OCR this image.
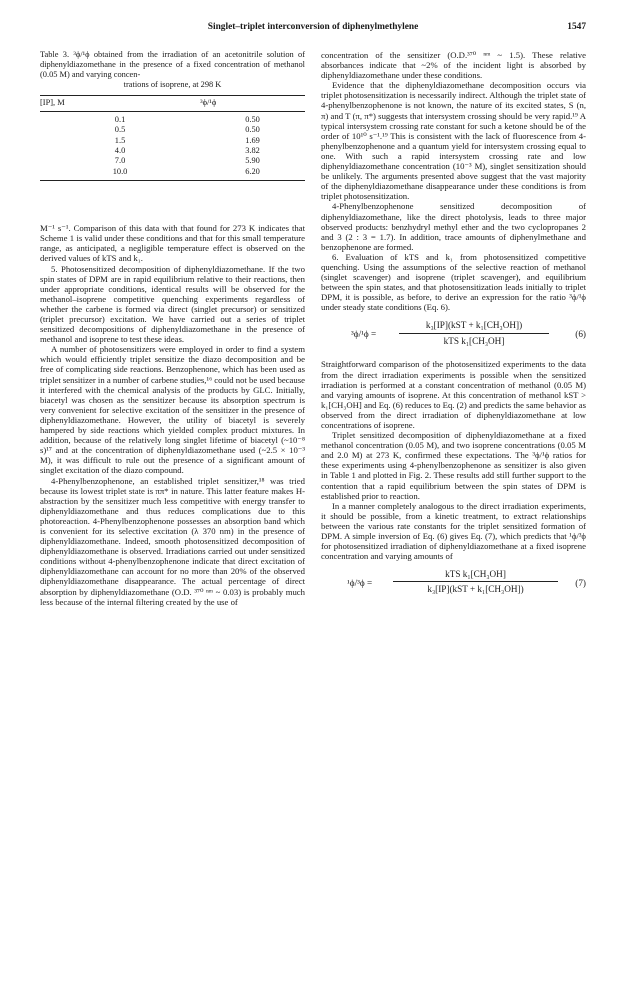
Singlet–triplet interconversion of diphenylmethylene	1547
Table 3. ³ϕ/¹ϕ obtained from the irradiation of an acetonitrile solution of diphenyldiazomethane in the presence of a fixed concentration of methanol (0.05 M) and varying concen-
trations of isoprene, at 298 K
[IP], M	³ϕ/¹ϕ
0.1	0.50
0.5	0.50
1.5	1.69
4.0	3.82
7.0	5.90
10.0	6.20

M⁻¹ s⁻¹. Comparison of this data with that found for 273 K indicates that Scheme 1 is valid under these conditions and that for this small temperature range, as anticipated, a negligible temperature effect is observed on the derived values of kTS and k₁.

5. Photosensitized decomposition of diphenyldiazomethane. If the two spin states of DPM are in rapid equilibrium relative to their reactions, then under appropriate conditions, identical results will be observed for the methanol–isoprene competitive quenching experiments regardless of whether the carbene is formed via direct (singlet precursor) or sensitized (triplet precursor) excitation. We have carried out a series of triplet sensitized decompositions of diphenyldiazomethane in the presence of methanol and isoprene to test these ideas.

A number of photosensitizers were employed in order to find a system which would efficiently triplet sensitize the diazo decomposition and be free of complicating side reactions. Benzophenone, which has been used as triplet sensitizer in a number of carbene studies,¹⁶ could not be used because it interfered with the chemical analysis of the products by GLC. Initially, biacetyl was chosen as the sensitizer because its absorption spectrum is very convenient for selective excitation of the sensitizer in the presence of diphenyldiazomethane. However, the utility of biacetyl is severely hampered by side reactions which yielded complex product mixtures. In addition, because of the relatively long singlet lifetime of biacetyl (~10⁻⁸ s)¹⁷ and at the concentration of diphenyldiazomethane used (~2.5 × 10⁻³ M), it was difficult to rule out the presence of a significant amount of singlet excitation of the diazo compound.

4-Phenylbenzophenone, an established triplet sensitizer,¹⁸ was tried because its lowest triplet state is ππ* in nature. This latter feature makes H-abstraction by the sensitizer much less competitive with energy transfer to diphenyldiazomethane and thus reduces complications due to this photoreaction. 4-Phenylbenzophenone possesses an absorption band which is convenient for its selective excitation (λ 370 nm) in the presence of diphenyldiazomethane. Indeed, smooth photosensitized decomposition of diphenyldiazomethane is observed. Irradiations carried out under sensitized conditions without 4-phenylbenzophenone indicate that direct excitation of diphenyldiazomethane can account for no more than 20% of the observed diphenyldiazomethane disappearance. The actual percentage of direct absorption by diphenyldiazomethane (O.D. ³⁷⁰ ⁿᵐ ~ 0.03) is probably much less because of the internal filtering created by the use of

concentration of the sensitizer (O.D.³⁷⁰ ⁿᵐ ~ 1.5). These relative absorbances indicate that ~2% of the incident light is absorbed by diphenyldiazomethane under these conditions.

Evidence that the diphenyldiazomethane decomposition occurs via triplet photosensitization is necessarily indirect. Although the triplet state of 4-phenylbenzophenone is not known, the nature of its excited states, S (n, π) and T (π, π*) suggests that intersystem crossing should be very rapid.¹⁹ A typical intersystem crossing rate constant for such a ketone should be of the order of 10¹⁰ s⁻¹.¹⁹ This is consistent with the lack of fluorescence from 4-phenylbenzophenone and a quantum yield for intersystem crossing equal to one. With such a rapid intersystem crossing rate and low diphenyldiazomethane concentration (10⁻³ M), singlet sensitization should be unlikely. The arguments presented above suggest that the vast majority of the diphenyldiazomethane disappearance under these conditions is from triplet photosensitization.

4-Phenylbenzophenone sensitized decomposition of diphenyldiazomethane, like the direct photolysis, leads to three major observed products: benzhydryl methyl ether and the two cyclopropanes 2 and 3 (2 : 3 = 1.7). In addition, trace amounts of diphenylmethane and benzophenone are formed.

6. Evaluation of kTS and k₁ from photosensitized competitive quenching. Using the assumptions of the selective reaction of methanol (singlet scavenger) and isoprene (triplet scavenger), and equilibrium between the spin states, and that photosensitization leads initially to triplet DPM, it is possible, as before, to derive an expression for the ratio ³ϕ/¹ϕ under steady state conditions (Eq. 6).

³ϕ/¹ϕ =
k₃[IP](kST + k₁[CH₃OH])
kTS k₁[CH₃OH]
(6)

Straightforward comparison of the photosensitized experiments to the data from the direct irradiation experiments is possible when the sensitized irradiation is performed at a constant concentration of methanol (0.05 M) and varying amounts of isoprene. At this concentration of methanol kST > k₁[CH₃OH] and Eq. (6) reduces to Eq. (2) and predicts the same behavior as observed from the direct irradiation of diphenyldiazomethane at low concentrations of isoprene.

Triplet sensitized decomposition of diphenyldiazomethane at a fixed methanol concentration (0.05 M), and two isoprene concentrations (0.05 M and 2.0 M) at 273 K, confirmed these expectations. The ³ϕ/¹ϕ ratios for these experiments using 4-phenylbenzophenone as sensitizer is also given in Table 1 and plotted in Fig. 2. These results add still further support to the contention that a rapid equilibrium between the spin states of DPM is established prior to reaction.

In a manner completely analogous to the direct irradiation experiments, it should be possible, from a kinetic treatment, to extract relationships between the various rate constants for the triplet sensitized formation of DPM. A simple inversion of Eq. (6) gives Eq. (7), which predicts that ¹ϕ/³ϕ for photosensitized irradiation of diphenyldiazomethane at a fixed isoprene concentration and varying amounts of

¹ϕ/³ϕ =
kTS k₁[CH₃OH]
k₃[IP](kST + k₁[CH₃OH])
(7)
